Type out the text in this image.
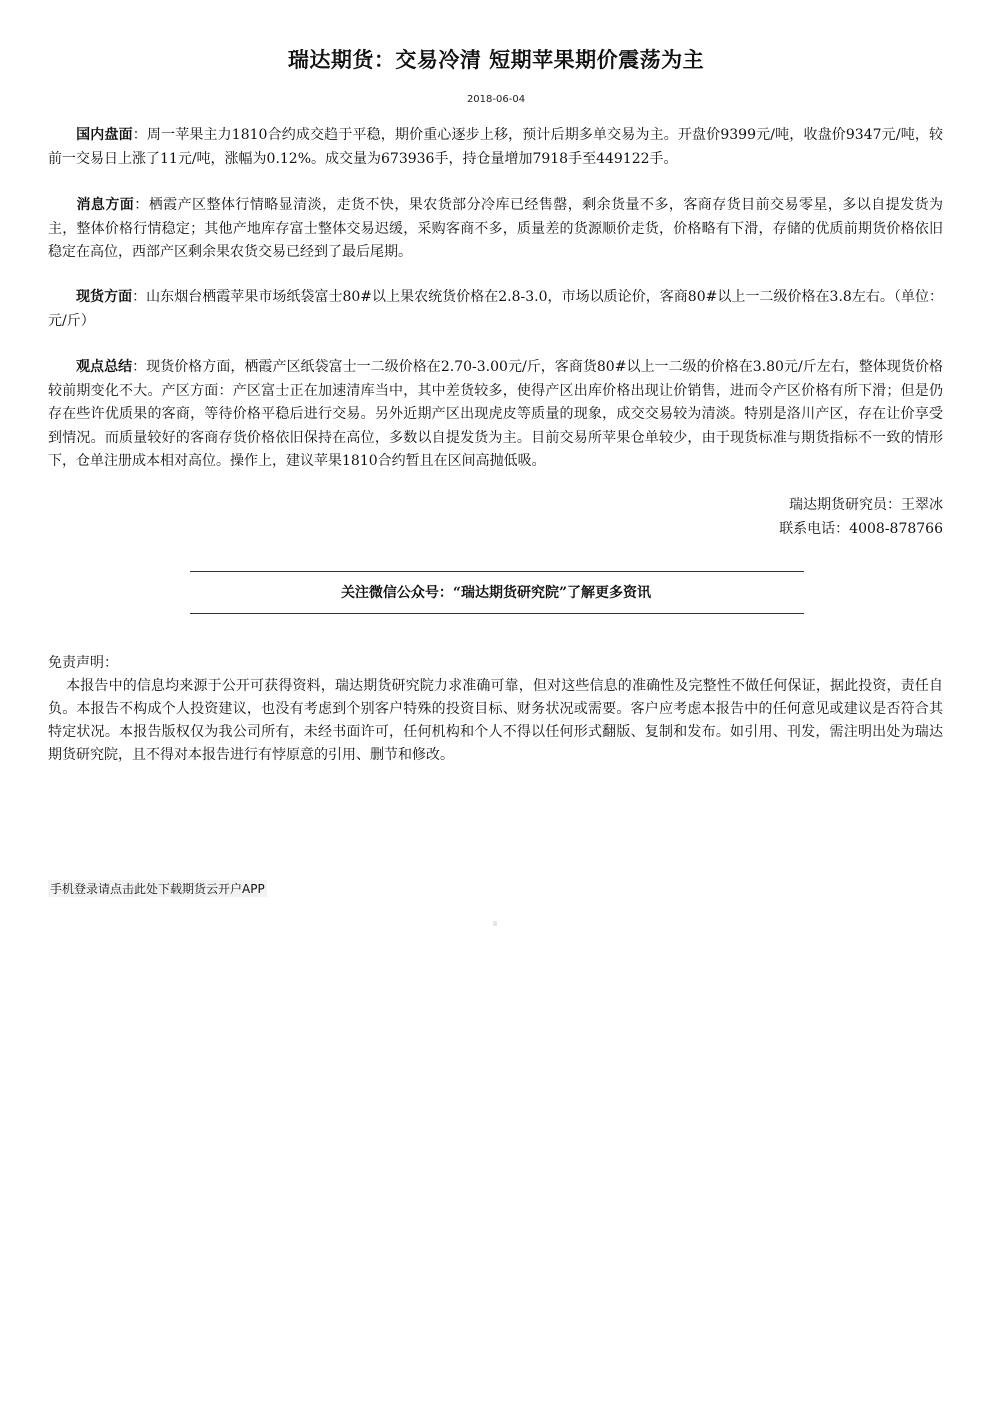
瑞达期货：交易冷清 短期苹果期价震荡为主
2018-06-04
国内盘面：周一苹果主力1810合约成交趋于平稳，期价重心逐步上移，预计后期多单交易为主。开盘价9399元/吨，收盘价9347元/吨，较前一交易日上涨了11元/吨，涨幅为0.12%。成交量为673936手，持仓量增加7918手至449122手。
消息方面：栖霞产区整体行情略显清淡，走货不快，果农货部分冷库已经售罄，剩余货量不多，客商存货目前交易零星，多以自提发货为主，整体价格行情稳定；其他产地库存富士整体交易迟缓，采购客商不多，质量差的货源顺价走货，价格略有下滑，存储的优质前期货价格依旧稳定在高位，西部产区剩余果农货交易已经到了最后尾期。
现货方面：山东烟台栖霞苹果市场纸袋富士80#以上果农统货价格在2.8-3.0，市场以质论价，客商80#以上一二级价格在3.8左右。（单位：元/斤）
观点总结：现货价格方面，栖霞产区纸袋富士一二级价格在2.70-3.00元/斤，客商货80#以上一二级的价格在3.80元/斤左右，整体现货价格较前期变化不大。产区方面：产区富士正在加速清库当中，其中差货较多，使得产区出库价格出现让价销售，进而令产区价格有所下滑；但是仍存在些许优质果的客商，等待价格平稳后进行交易。另外近期产区出现虎皮等质量的现象，成交交易较为清淡。特别是洛川产区，存在让价享受到情况。而质量较好的客商存货价格依旧保持在高位，多数以自提发货为主。目前交易所苹果仓单较少，由于现货标准与期货指标不一致的情形下，仓单注册成本相对高位。操作上，建议苹果1810合约暂且在区间高抛低吸。
瑞达期货研究员：王翠冰
联系电话：4008-878766
关注微信公众号：“瑞达期货研究院”了解更多资讯
免责声明：
本报告中的信息均来源于公开可获得资料，瑞达期货研究院力求准确可靠，但对这些信息的准确性及完整性不做任何保证，据此投资，责任自负。本报告不构成个人投资建议，也没有考虑到个别客户特殊的投资目标、财务状况或需要。客户应考虑本报告中的任何意见或建议是否符合其特定状况。本报告版权仅为我公司所有，未经书面许可，任何机构和个人不得以任何形式翻版、复制和发布。如引用、刊发，需注明出处为瑞达期货研究院，且不得对本报告进行有悖原意的引用、删节和修改。
手机登录请点击此处下载期货云开户APP
